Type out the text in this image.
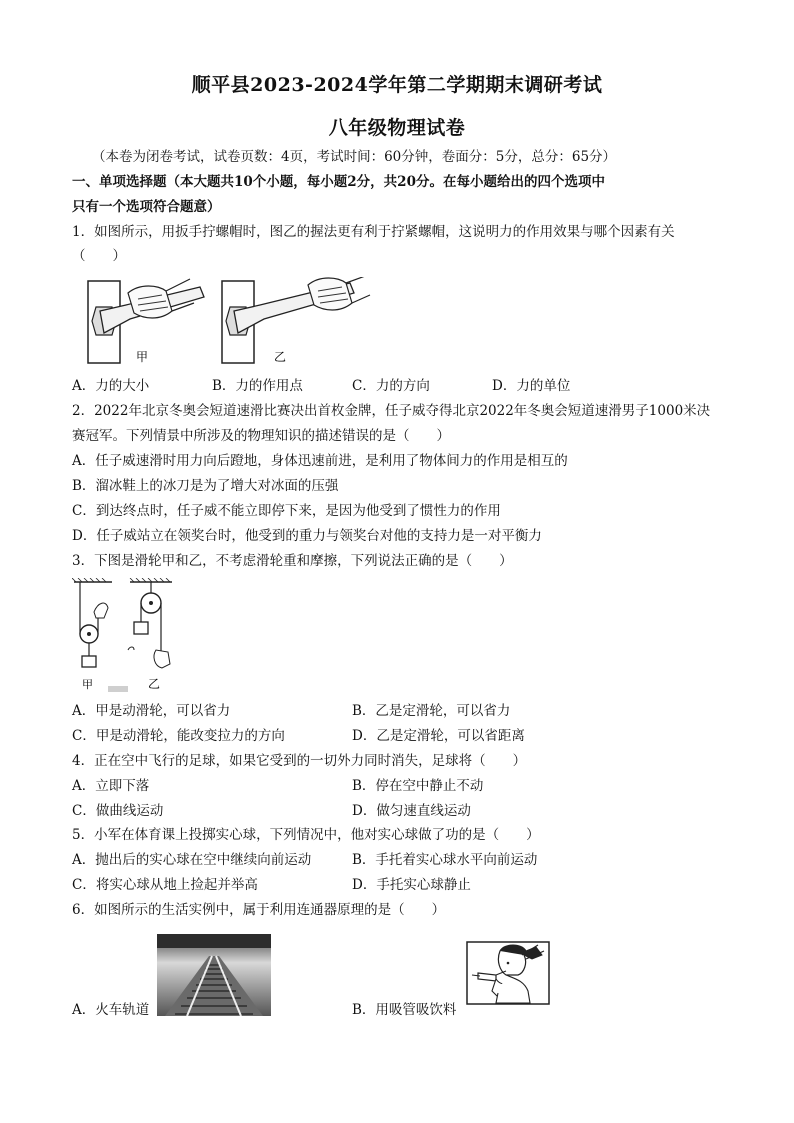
顺平县2023-2024学年第二学期期末调研考试
八年级物理试卷
（本卷为闭卷考试，试卷页数：4页，考试时间：60分钟，卷面分：5分，总分：65分）
一、单项选择题（本大题共10个小题，每小题2分，共20分。在每小题给出的四个选项中
只有一个选项符合题意）
1．如图所示，用扳手拧螺帽时，图乙的握法更有利于拧紧螺帽，这说明力的作用效果与哪个因素有关
（　　）
甲	乙
A．力的大小	B．力的作用点	C．力的方向	D．力的单位
2．2022年北京冬奥会短道速滑比赛决出首枚金牌，任子威夺得北京2022年冬奥会短道速滑男子1000米决
赛冠军。下列情景中所涉及的物理知识的描述错误的是（　　）
A．任子威速滑时用力向后蹬地，身体迅速前进，是利用了物体间力的作用是相互的
B．溜冰鞋上的冰刀是为了增大对冰面的压强
C．到达终点时，任子威不能立即停下来，是因为他受到了惯性力的作用
D．任子威站立在领奖台时，他受到的重力与领奖台对他的支持力是一对平衡力
3．下图是滑轮甲和乙，不考虑滑轮重和摩擦，下列说法正确的是（　　）
甲	乙
A．甲是动滑轮，可以省力	B．乙是定滑轮，可以省力
C．甲是动滑轮，能改变拉力的方向	D．乙是定滑轮，可以省距离
4．正在空中飞行的足球，如果它受到的一切外力同时消失，足球将（　　）
A．立即下落	B．停在空中静止不动
C．做曲线运动	D．做匀速直线运动
5．小军在体育课上投掷实心球，下列情况中，他对实心球做了功的是（　　）
A．抛出后的实心球在空中继续向前运动	B．手托着实心球水平向前运动
C．将实心球从地上捡起并举高	D．手托实心球静止
6．如图所示的生活实例中，属于利用连通器原理的是（　　）
A．火车轨道	B．用吸管吸饮料
